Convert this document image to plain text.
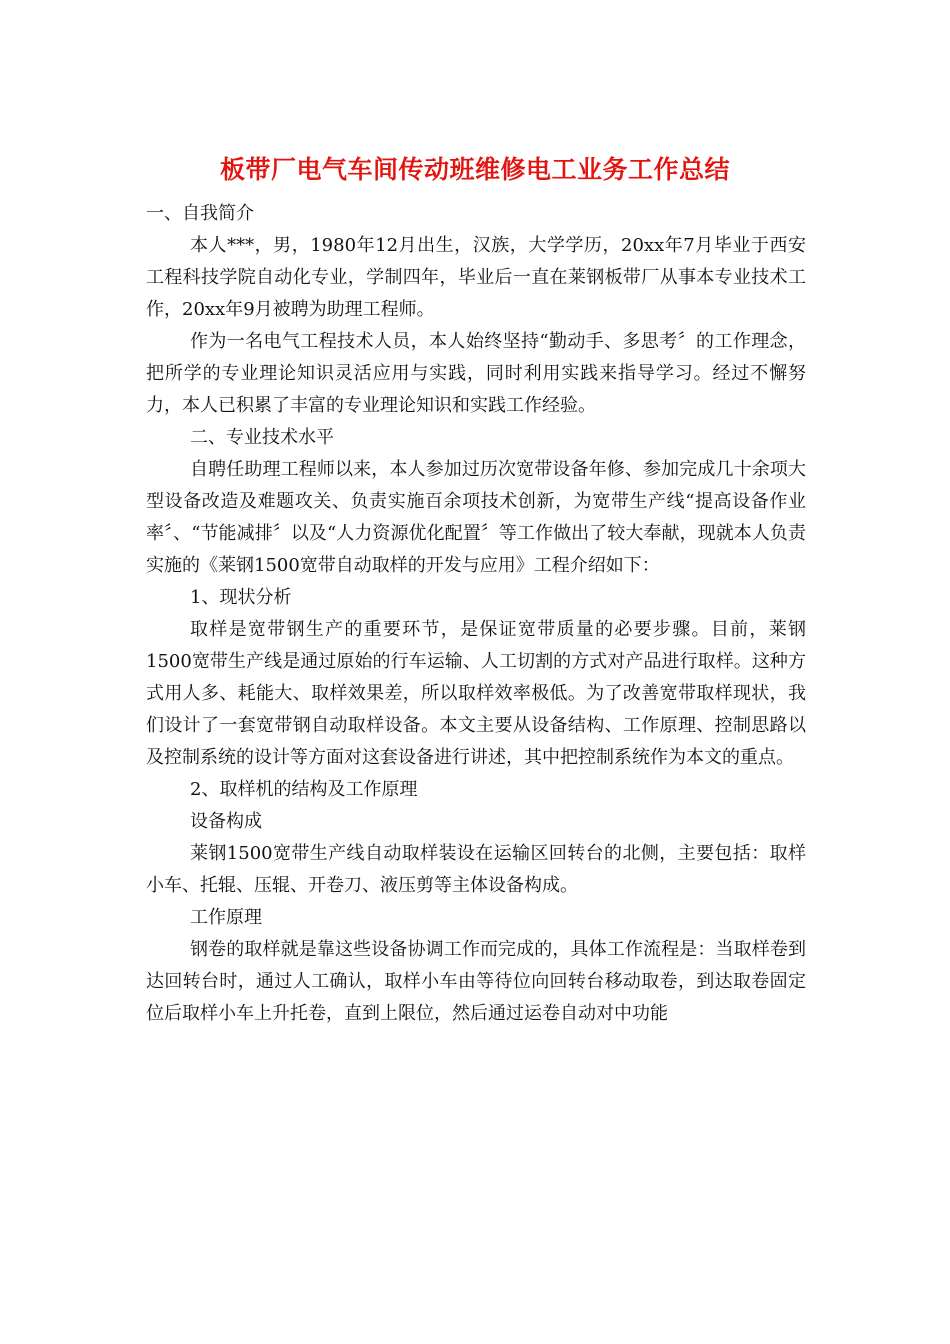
板带厂电气车间传动班维修电工业务工作总结

一、自我简介

本人***，男，1980年12月出生，汉族，大学学历，20xx年7月毕业于西安工程科技学院自动化专业，学制四年，毕业后一直在莱钢板带厂从事本专业技术工作，20xx年9月被聘为助理工程师。

作为一名电气工程技术人员，本人始终坚持“勤动手、多思考〞的工作理念，把所学的专业理论知识灵活应用与实践，同时利用实践来指导学习。经过不懈努力，本人已积累了丰富的专业理论知识和实践工作经验。

二、专业技术水平

自聘任助理工程师以来，本人参加过历次宽带设备年修、参加完成几十余项大型设备改造及难题攻关、负责实施百余项技术创新，为宽带生产线“提高设备作业率〞、“节能减排〞以及“人力资源优化配置〞等工作做出了较大奉献，现就本人负责实施的《莱钢1500宽带自动取样的开发与应用》工程介绍如下：

1、现状分析

取样是宽带钢生产的重要环节，是保证宽带质量的必要步骤。目前，莱钢1500宽带生产线是通过原始的行车运输、人工切割的方式对产品进行取样。这种方式用人多、耗能大、取样效果差，所以取样效率极低。为了改善宽带取样现状，我们设计了一套宽带钢自动取样设备。本文主要从设备结构、工作原理、控制思路以及控制系统的设计等方面对这套设备进行讲述，其中把控制系统作为本文的重点。

2、取样机的结构及工作原理

设备构成

莱钢1500宽带生产线自动取样装设在运输区回转台的北侧，主要包括：取样小车、托辊、压辊、开卷刀、液压剪等主体设备构成。

工作原理

钢卷的取样就是靠这些设备协调工作而完成的，具体工作流程是：当取样卷到达回转台时，通过人工确认，取样小车由等待位向回转台移动取卷，到达取卷固定位后取样小车上升托卷，直到上限位，然后通过运卷自动对中功能
